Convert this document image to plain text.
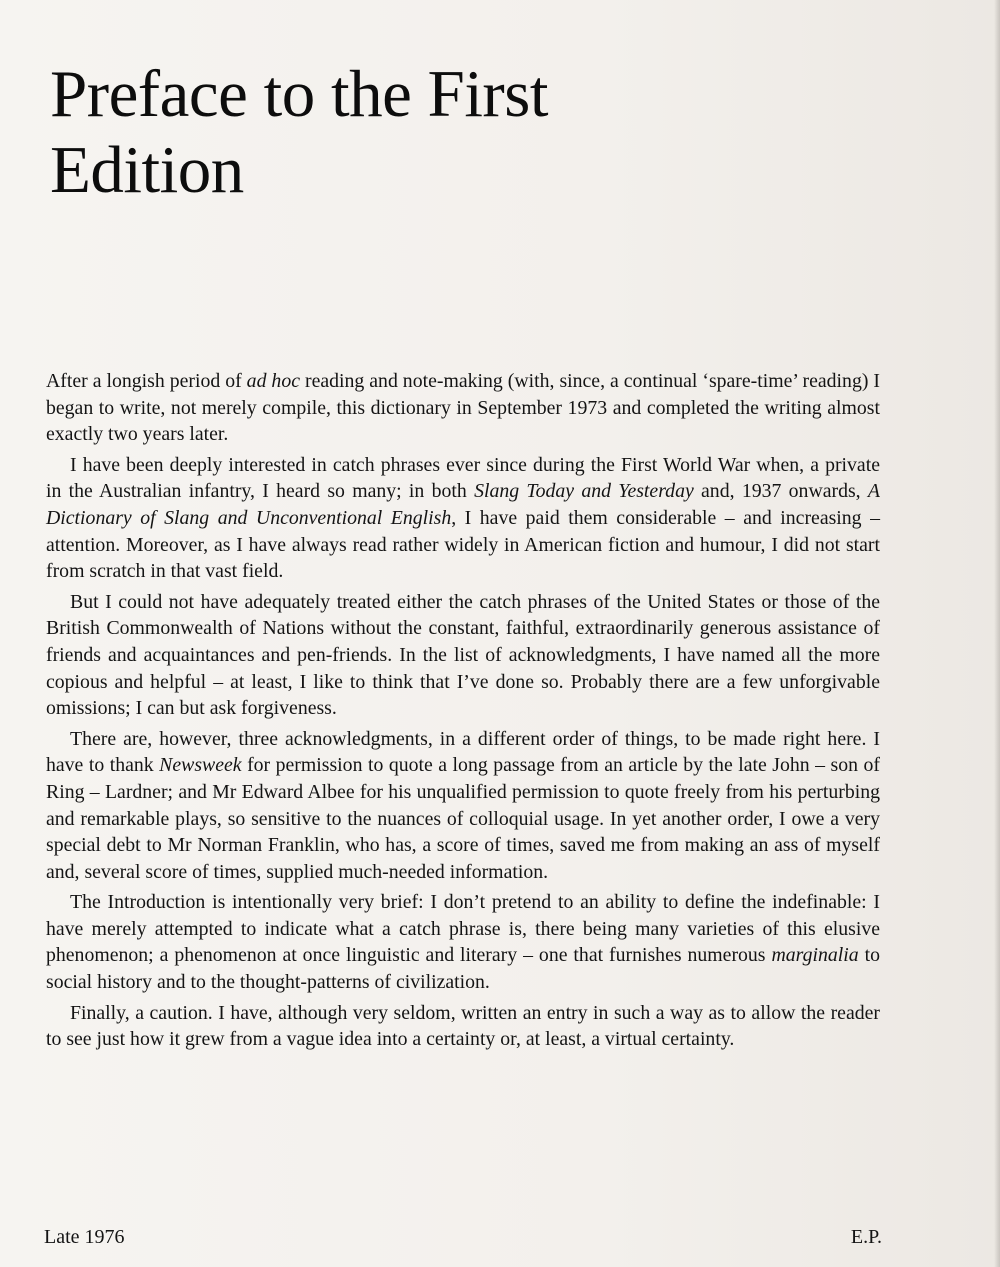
Preface to the First Edition

After a longish period of ad hoc reading and note-making (with, since, a continual ‘spare-time’ reading) I began to write, not merely compile, this dictionary in September 1973 and completed the writing almost exactly two years later.

I have been deeply interested in catch phrases ever since during the First World War when, a private in the Australian infantry, I heard so many; in both Slang Today and Yesterday and, 1937 onwards, A Dictionary of Slang and Unconventional English, I have paid them considerable – and increasing – attention. Moreover, as I have always read rather widely in American fiction and humour, I did not start from scratch in that vast field.

But I could not have adequately treated either the catch phrases of the United States or those of the British Commonwealth of Nations without the constant, faithful, extraordinarily generous assistance of friends and acquaintances and pen-friends. In the list of acknowledgments, I have named all the more copious and helpful – at least, I like to think that I’ve done so. Probably there are a few unforgivable omissions; I can but ask forgiveness.

There are, however, three acknowledgments, in a different order of things, to be made right here. I have to thank Newsweek for permission to quote a long passage from an article by the late John – son of Ring – Lardner; and Mr Edward Albee for his unqualified permission to quote freely from his perturbing and remarkable plays, so sensitive to the nuances of colloquial usage. In yet another order, I owe a very special debt to Mr Norman Franklin, who has, a score of times, saved me from making an ass of myself and, several score of times, supplied much-needed information.

The Introduction is intentionally very brief: I don’t pretend to an ability to define the indefinable: I have merely attempted to indicate what a catch phrase is, there being many varieties of this elusive phenomenon; a phenomenon at once linguistic and literary – one that furnishes numerous marginalia to social history and to the thought-patterns of civilization.

Finally, a caution. I have, although very seldom, written an entry in such a way as to allow the reader to see just how it grew from a vague idea into a certainty or, at least, a virtual certainty.

Late 1976	E.P.
